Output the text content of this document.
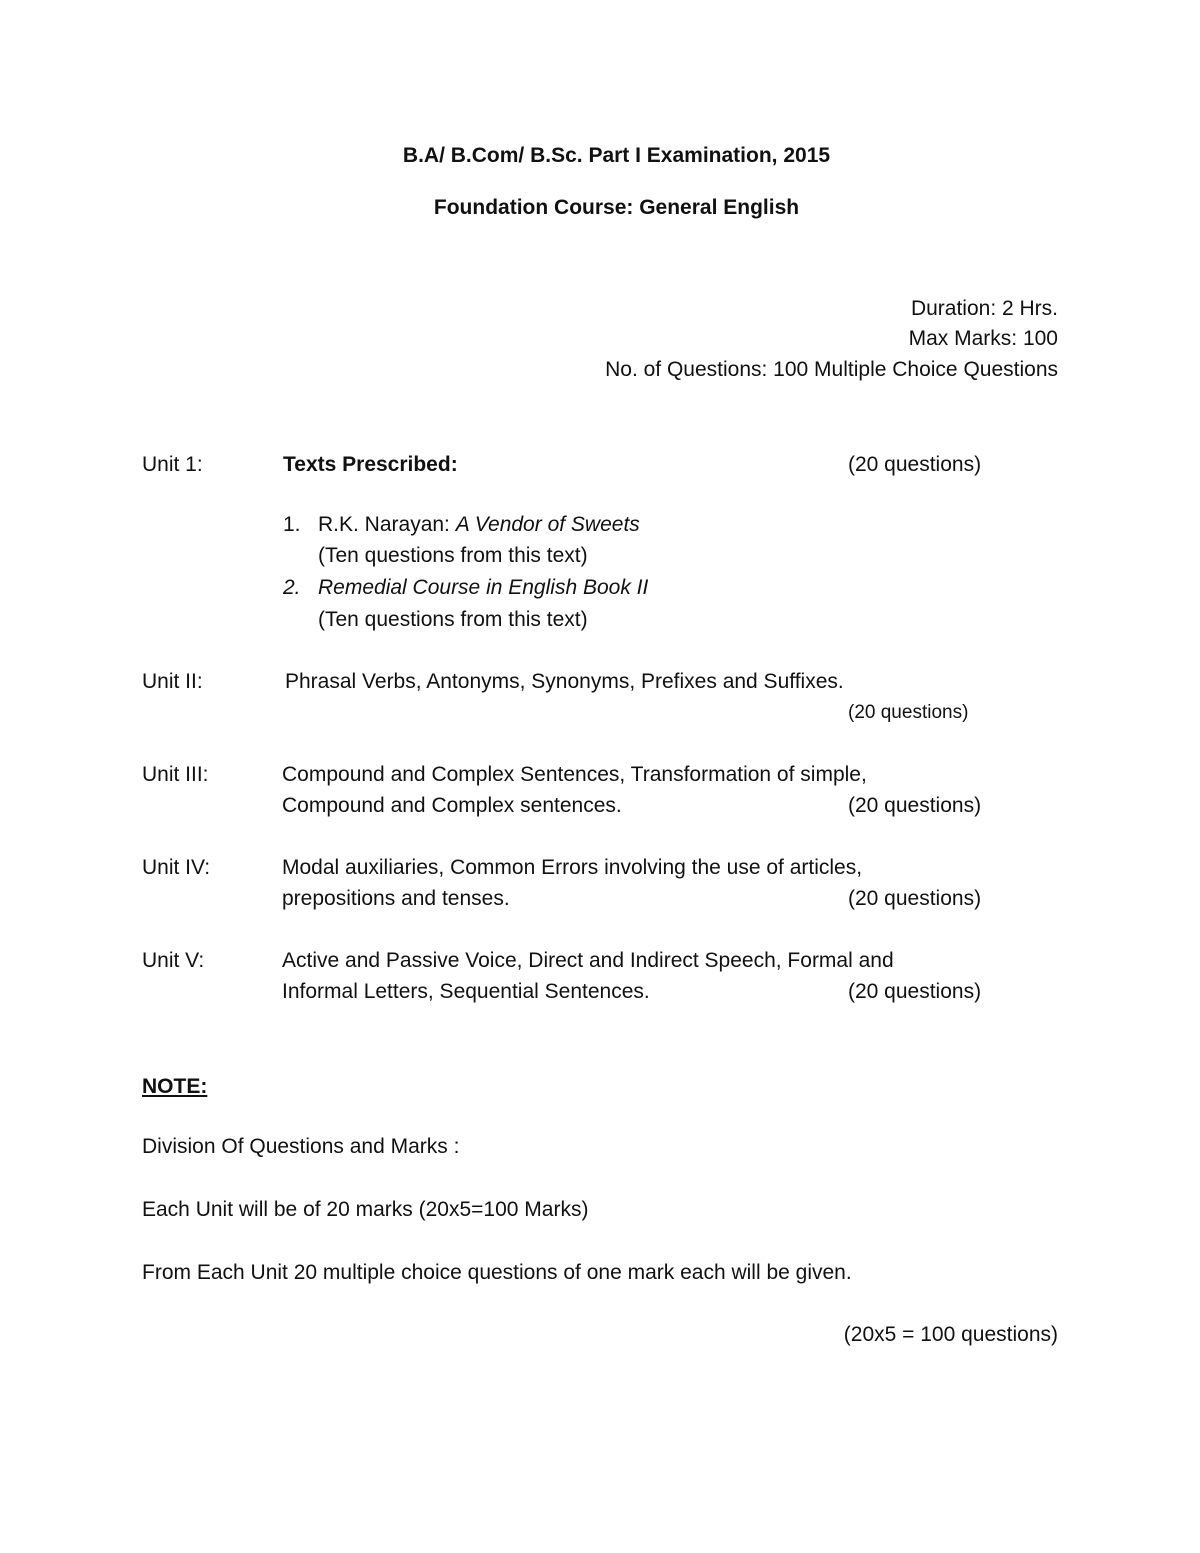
B.A/ B.Com/ B.Sc. Part I Examination, 2015
Foundation Course: General English
Duration: 2 Hrs.
Max Marks: 100
No. of Questions: 100 Multiple Choice Questions
Unit 1:	Texts Prescribed:	(20 questions)
1. R.K. Narayan: A Vendor of Sweets
(Ten questions from this text)
2. Remedial Course in English Book II
(Ten questions from this text)
Unit II:	Phrasal Verbs, Antonyms, Synonyms, Prefixes and Suffixes.
(20 questions)
Unit III:	Compound and Complex Sentences, Transformation of simple,
Compound and Complex sentences.	(20 questions)
Unit IV:	Modal auxiliaries, Common Errors involving the use of articles,
prepositions and tenses.	(20 questions)
Unit V:	Active and Passive Voice, Direct and Indirect Speech, Formal and
Informal Letters, Sequential Sentences.	(20 questions)
NOTE:
Division Of Questions and Marks :
Each Unit will be of 20 marks (20x5=100 Marks)
From Each Unit 20 multiple choice questions of one mark each will be given.
(20x5 = 100 questions)
